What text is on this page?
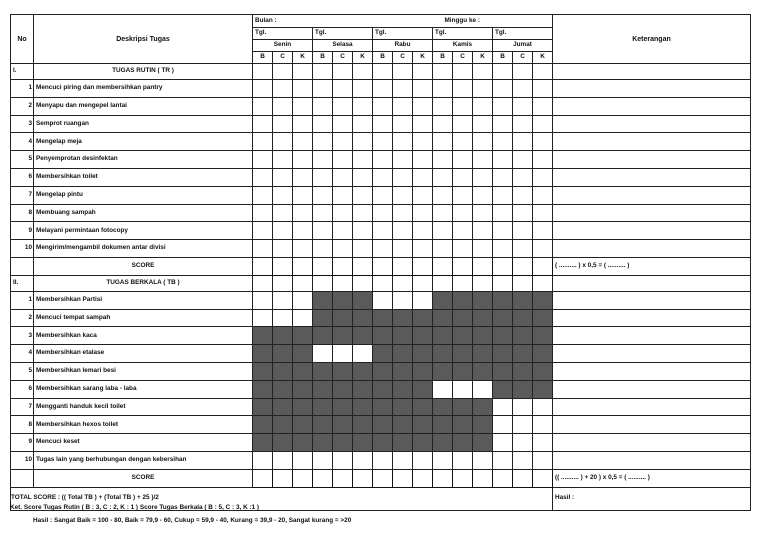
No	Deskripsi Tugas	Bulan :						Minggu ke :									Keterangan
		Tgl.			Tgl.			Tgl.			Tgl.			Tgl.			
		Senin			Selasa			Rabu			Kamis			Jumat			
		B	C	K	B	C	K	B	C	K	B	C	K	B	C	K	
I.	TUGAS RUTIN ( TR )																
1	Mencuci piring dan membersihkan pantry																
2	Menyapu dan mengepel lantai																
3	Semprot ruangan																
4	Mengelap meja																
5	Penyemprotan desinfektan																
6	Membersihkan toilet																
7	Mengelap pintu																
8	Membuang sampah																
9	Melayani permintaan fotocopy																
10	Mengirim/mengambil dokumen antar divisi																
	SCORE																( .......... ) x 0,5 = ( .......... )
II.	TUGAS BERKALA ( TB )																
1	Membersihkan Partisi																
2	Mencuci tempat sampah																
3	Membersihkan kaca																
4	Membersihkan etalase																
5	Membersihkan lemari besi																
6	Membersihkan sarang laba - laba																
7	Mengganti handuk kecil toilet																
8	Membersihkan hexos toilet																
9	Mencuci keset																
10	Tugas lain yang berhubungan dengan kebersihan																
	SCORE																(( .......... ) + 20 ) x 0,5 = ( .......... )
TOTAL SCORE : (( Total TB ) + (Total TB ) + 25 )/2																	Hasil :
Ket. Score Tugas Rutin ( B : 3, C : 2, K : 1 ) Score Tugas Berkala ( B : 5, C : 3, K :1 )
Hasil : Sangat Baik = 100 - 80, Baik = 79,9 - 60, Cukup = 59,9 - 40, Kurang = 39,9 - 20, Sangat kurang = >20
